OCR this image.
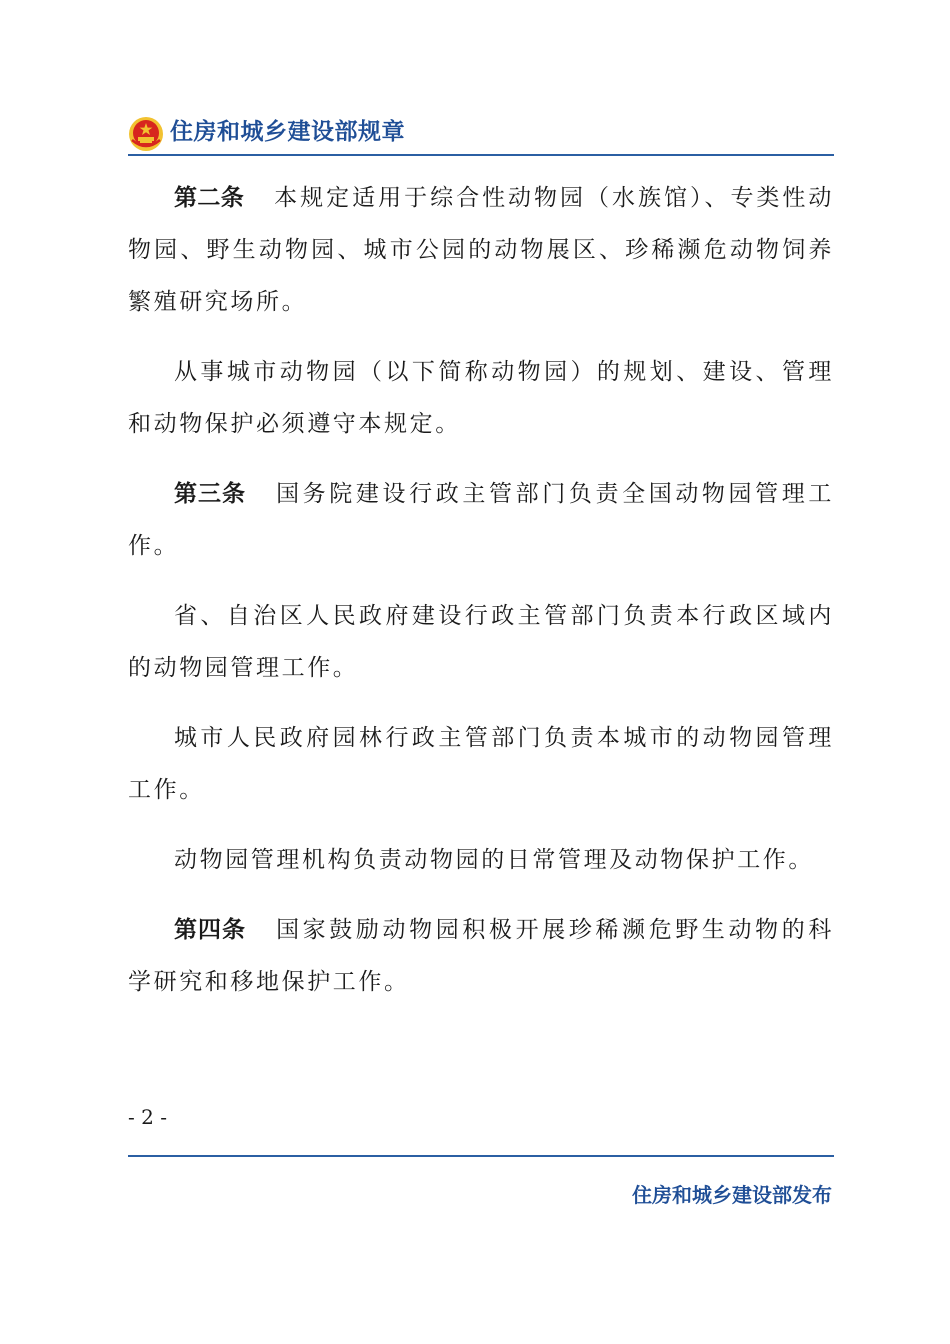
住房和城乡建设部规章

第二条 本规定适用于综合性动物园（水族馆）、专类性动物园、野生动物园、城市公园的动物展区、珍稀濒危动物饲养繁殖研究场所。

从事城市动物园（以下简称动物园）的规划、建设、管理和动物保护必须遵守本规定。

第三条 国务院建设行政主管部门负责全国动物园管理工作。

省、自治区人民政府建设行政主管部门负责本行政区域内的动物园管理工作。

城市人民政府园林行政主管部门负责本城市的动物园管理工作。

动物园管理机构负责动物园的日常管理及动物保护工作。

第四条 国家鼓励动物园积极开展珍稀濒危野生动物的科学研究和移地保护工作。

- 2 -
住房和城乡建设部发布
